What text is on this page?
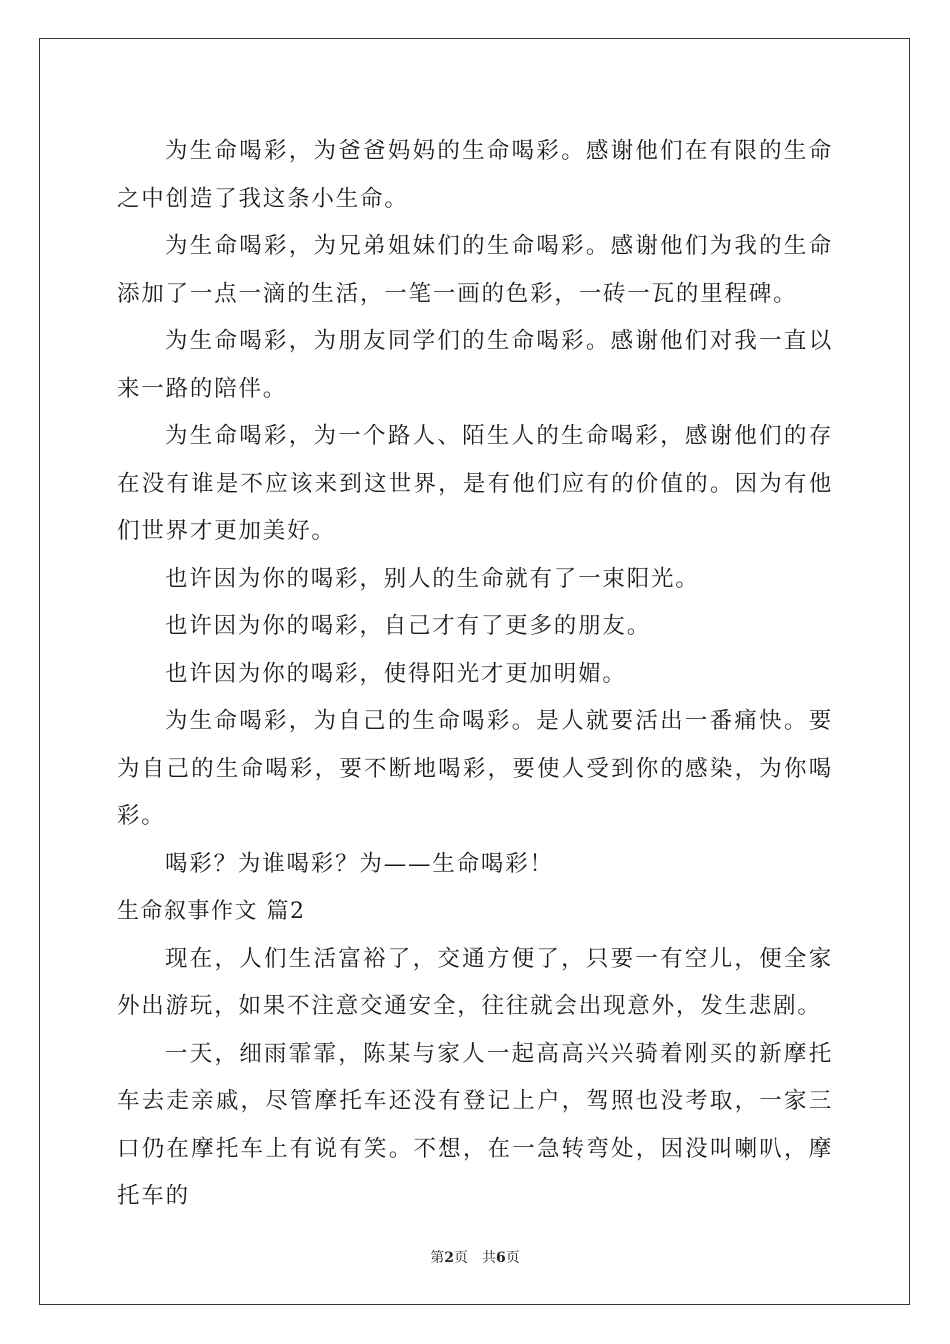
为生命喝彩，为爸爸妈妈的生命喝彩。感谢他们在有限的生命之中创造了我这条小生命。

为生命喝彩，为兄弟姐妹们的生命喝彩。感谢他们为我的生命添加了一点一滴的生活，一笔一画的色彩，一砖一瓦的里程碑。

为生命喝彩，为朋友同学们的生命喝彩。感谢他们对我一直以来一路的陪伴。

为生命喝彩，为一个路人、陌生人的生命喝彩，感谢他们的存在没有谁是不应该来到这世界，是有他们应有的价值的。因为有他们世界才更加美好。

也许因为你的喝彩，别人的生命就有了一束阳光。

也许因为你的喝彩，自己才有了更多的朋友。

也许因为你的喝彩，使得阳光才更加明媚。

为生命喝彩，为自己的生命喝彩。是人就要活出一番痛快。要为自己的生命喝彩，要不断地喝彩，要使人受到你的感染，为你喝彩。

喝彩？为谁喝彩？为——生命喝彩！

生命叙事作文 篇2

现在，人们生活富裕了，交通方便了，只要一有空儿，便全家外出游玩，如果不注意交通安全，往往就会出现意外，发生悲剧。

一天，细雨霏霏，陈某与家人一起高高兴兴骑着刚买的新摩托车去走亲戚，尽管摩托车还没有登记上户，驾照也没考取，一家三口仍在摩托车上有说有笑。不想，在一急转弯处，因没叫喇叭，摩托车的

第2页 共6页
